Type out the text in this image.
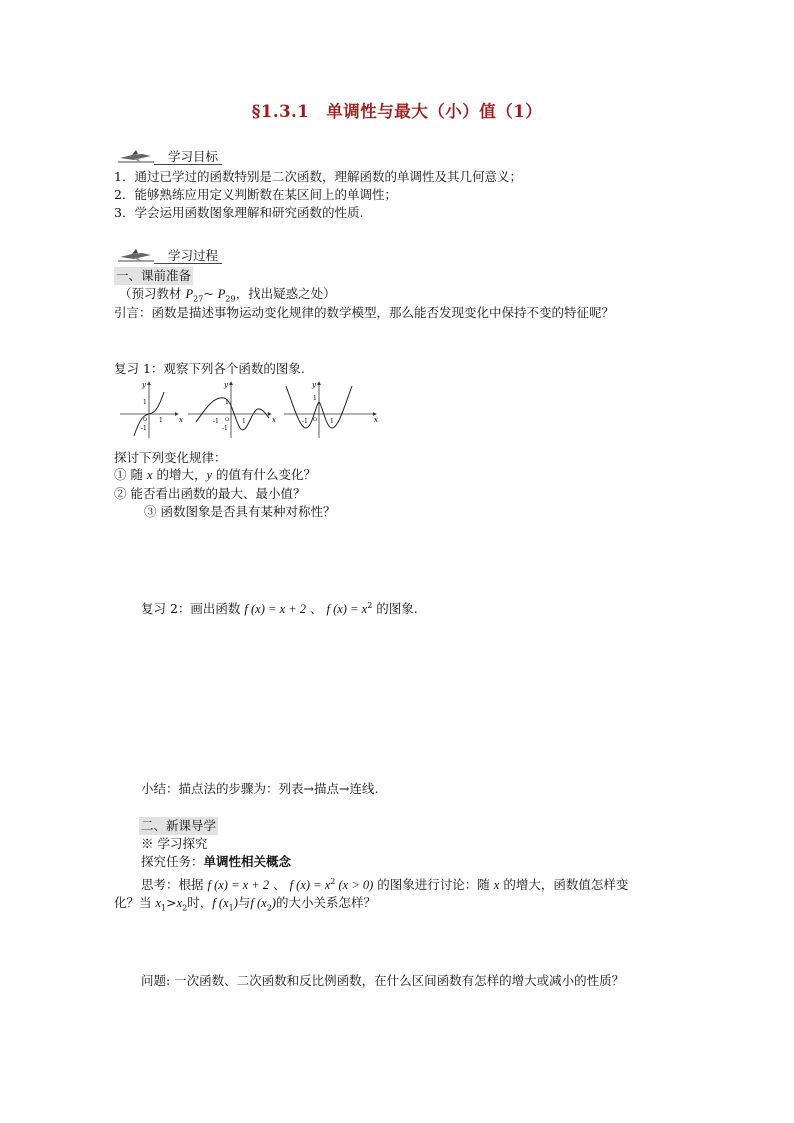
§1.3.1　单调性与最大（小）值（1）
学习目标
1．通过已学过的函数特别是二次函数，理解函数的单调性及其几何意义；
2．能够熟练应用定义判断数在某区间上的单调性；
3．学会运用函数图象理解和研究函数的性质.
学习过程
一、课前准备
（预习教材 $P_{27}\sim$ $P_{29}$，找出疑惑之处）
引言：函数是描述事物运动变化规律的数学模型，那么能否发现变化中保持不变的特征呢？
复习 1：观察下列各个函数的图象.
y
x
1
-1
1
O
y
x
1
-1
-1	1
O
y
x
1
-1	1
O
探讨下列变化规律：
① 随 x 的增大，y 的值有什么变化？
② 能否看出函数的最大、最小值？
③ 函数图象是否具有某种对称性？
复习 2：画出函数 f (x) = x + 2 、 f $(x) = x^2$ 的图象.
小结：描点法的步骤为：列表→描点→连线.
二、新课导学
※ 学习探究
探究任务：单调性相关概念
思考：根据 f (x) = x + 2 、 f $(x) = x^2$ (x > 0) 的图象进行讨论：随 x 的增大，函数值怎样变
化？当 $x_1>x_2$时，f $(x_1)$与f $(x_2)$的大小关系怎样？
问题: 一次函数、二次函数和反比例函数，在什么区间函数有怎样的增大或减小的性质？
